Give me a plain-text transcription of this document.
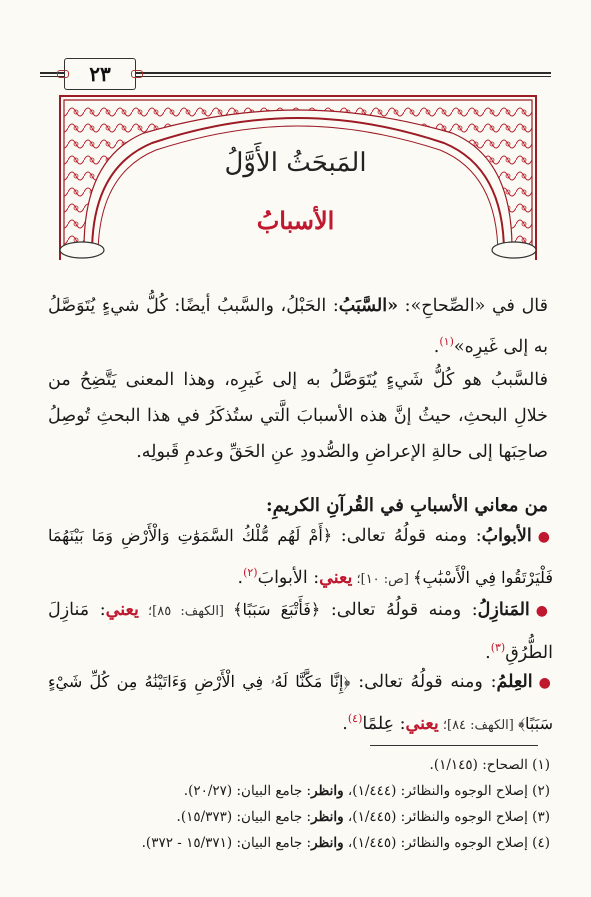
٢٣
المَبحَثُ الأَوَّلُ
الأسبابُ
قال في «الصِّحاحِ»: «السَّبَبُ: الحَبْلُ، والسَّببُ أيضًا: كُلُّ شيءٍ يُتَوَصَّلُ به إلى غَيرِه»$^{(١)}$.
فالسَّببُ هو كُلُّ شَيءٍ يُتَوَصَّلُ به إلى غَيرِه، وهذا المعنى يَتَّضِحُ من خلالِ البحثِ، حيثُ إنَّ هذه الأسبابَ الَّتي ستُذكَرُ في هذا البحثِ تُوصِلُ صاحِبَها إلى حالةِ الإعراضِ والصُّدودِ عنِ الحَقِّ وعدمِ قَبولِه.
من معاني الأسبابِ في القُرآنِ الكريمِ:
●الأبوابُ: ومنه قولُهُ تعالى: ﴿أَمْ لَهُم مُّلْكُ السَّمَوَٰتِ وَالْأَرْضِ وَمَا بَيْنَهُمَا فَلْيَرْتَقُوا فِي الْأَسْبَٰبِ﴾ [ص: ١٠]؛ يعني: الأبوابَ$^{(٢)}$.
●المَنازِلُ: ومنه قولُهُ تعالى: ﴿فَأَتْبَعَ سَبَبًا﴾ [الكهف: ٨٥]؛ يعني: مَنازِلَ الطُّرُقِ$^{(٣)}$.
●العِلمُ: ومنه قولُهُ تعالى: ﴿إِنَّا مَكَّنَّا لَهُۥ فِي الْأَرْضِ وَءَاتَيْنَٰهُ مِن كُلِّ شَيْءٍ سَبَبًا﴾ [الكهف: ٨٤]؛ يعني: عِلمًا$^{(٤)}$.
(١) الصحاح: (١/١٤٥).
(٢) إصلاح الوجوه والنظائر: (١/٤٤٤)، وانظر: جامع البيان: (٢٠/٢٧).
(٣) إصلاح الوجوه والنظائر: (١/٤٤٥)، وانظر: جامع البيان: (١٥/٣٧٣).
(٤) إصلاح الوجوه والنظائر: (١/٤٤٥)، وانظر: جامع البيان: (١٥/٣٧١ - ٣٧٢).
